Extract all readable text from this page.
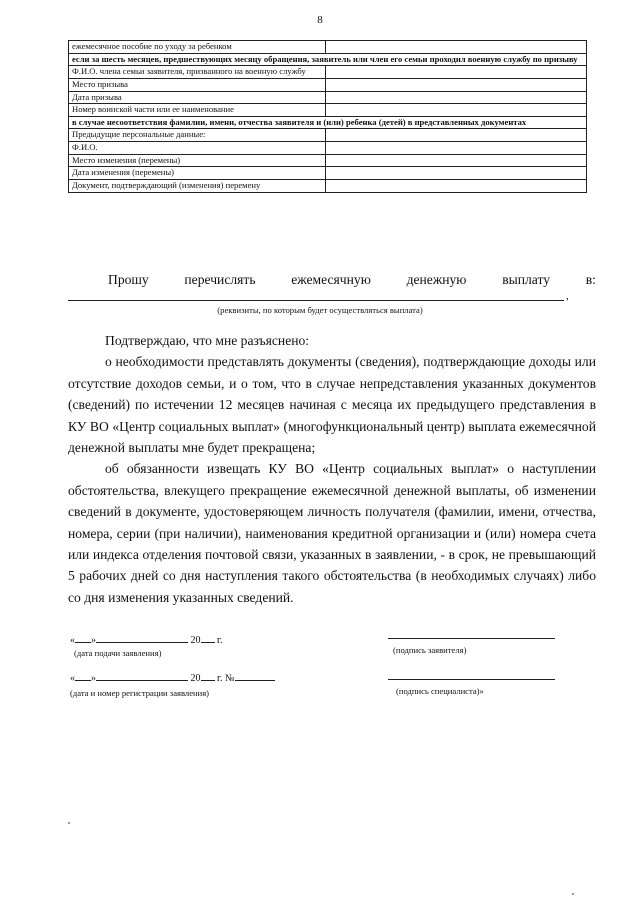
8
ежемесячное пособие по уходу за ребенком	
если за шесть месяцев, предшествующих месяцу обращения, заявитель или член его семьи проходил военную службу по призыву	
Ф.И.О. члена семьи заявителя, призванного на военную службу	
Место призыва	
Дата призыва	
Номер воинской части или ее наименование	
в случае несоответствия фамилии, имени, отчества заявителя и (или) ребенка (детей) в представленных документах	
Предыдущие персональные данные:	
Ф.И.О.	
Место изменения (перемены)	
Дата изменения (перемены)	
Документ, подтверждающий (изменения) перемену	
Прошу	перечислять	ежемесячную	денежную	выплату	в:
,
(реквизиты, по которым будет осуществляться выплата)

Подтверждаю, что мне разъяснено:

о необходимости представлять документы (сведения), подтверждающие доходы или отсутствие доходов семьи, и о том, что в случае непредставления указанных документов (сведений) по истечении 12 месяцев начиная с месяца их предыдущего представления в КУ ВО «Центр социальных выплат» (многофункциональный центр) выплата ежемесячной денежной выплаты мне будет прекращена;

об обязанности извещать КУ ВО «Центр социальных выплат» о наступлении обстоятельства, влекущего прекращение ежемесячной денежной выплаты, об изменении сведений в документе, удостоверяющем личность получателя (фамилии, имени, отчества, номера, серии (при наличии), наименования кредитной организации и (или) номера счета или индекса отделения почтовой связи, указанных в заявлении, - в срок, не превышающий 5 рабочих дней со дня наступления такого обстоятельства (в необходимых случаях) либо со дня изменения указанных сведений.

« »	20 г.
(дата подачи заявления)	(подпись заявителя)
« »	20 г. №
(дата и номер регистрации заявления)	(подпись специалиста)»
